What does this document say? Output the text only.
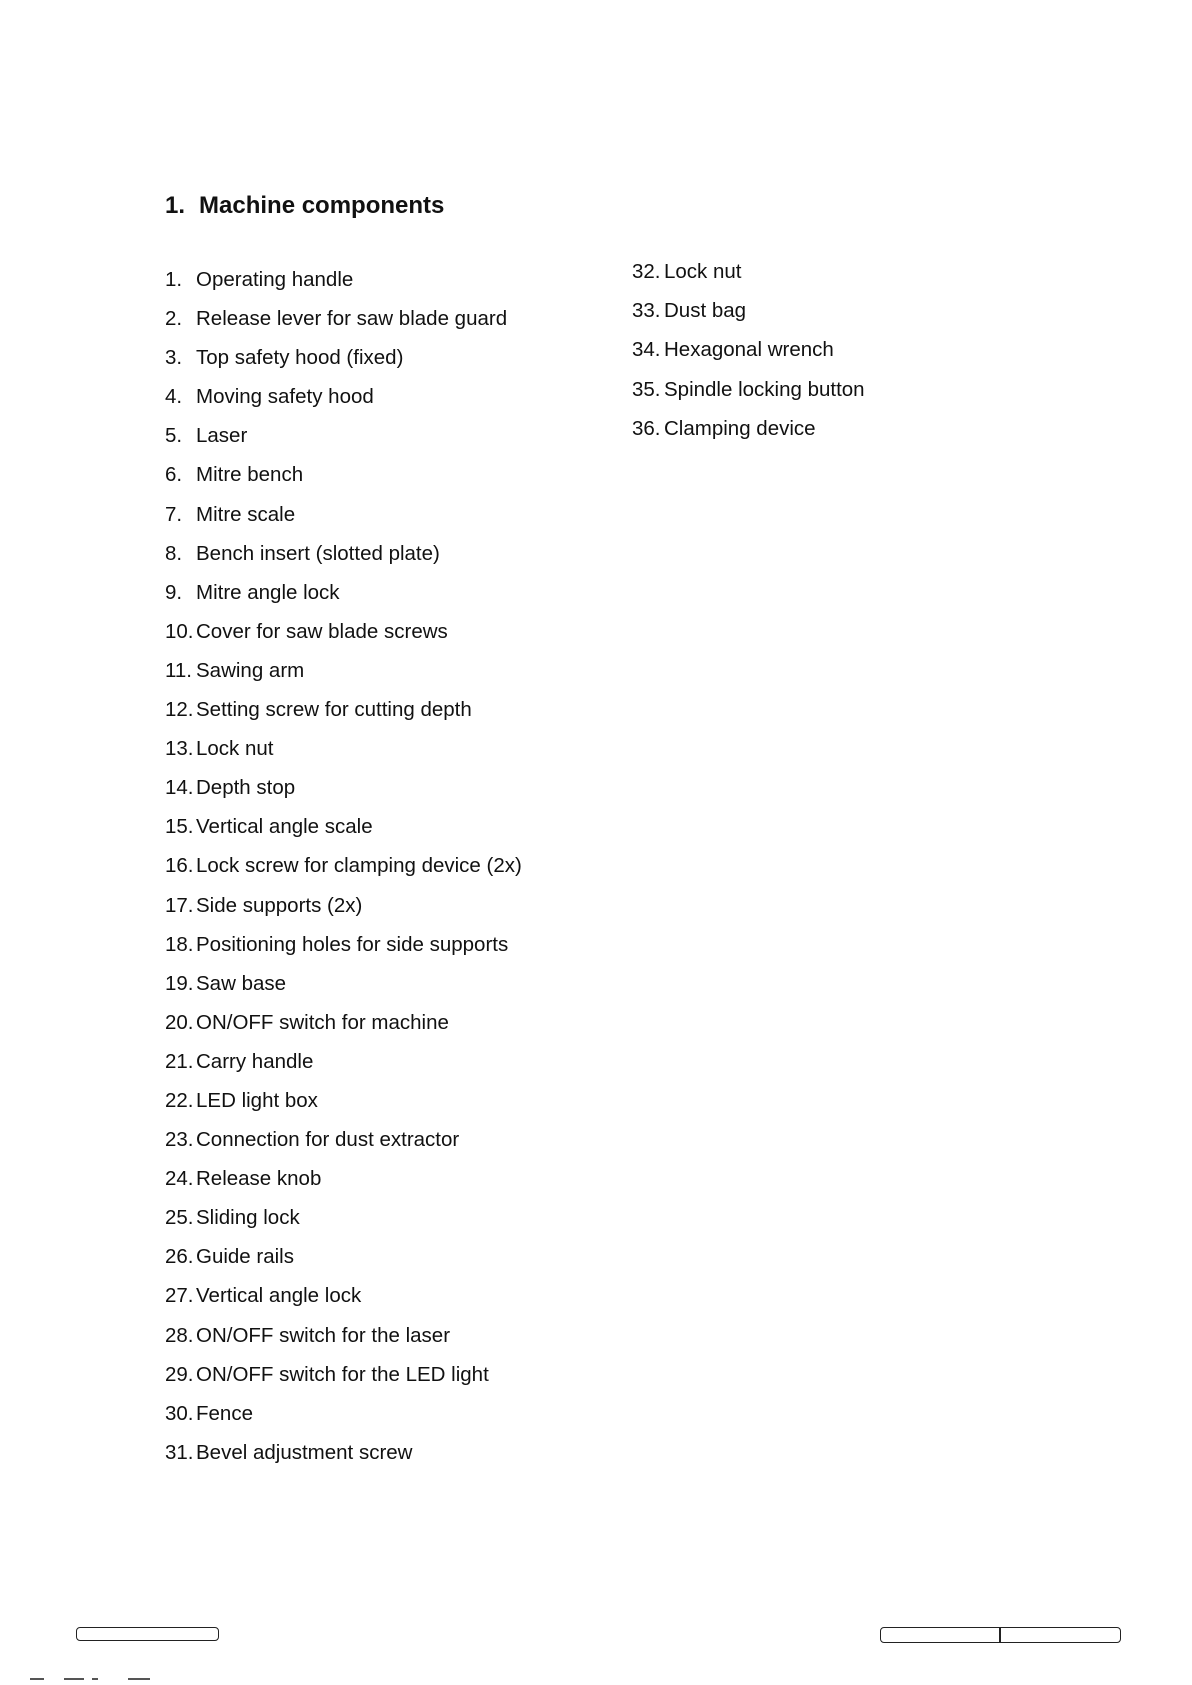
1. Machine components
1. Operating handle
2. Release lever for saw blade guard
3. Top safety hood (fixed)
4. Moving safety hood
5. Laser
6. Mitre bench
7. Mitre scale
8. Bench insert (slotted plate)
9. Mitre angle lock
10. Cover for saw blade screws
11. Sawing arm
12. Setting screw for cutting depth
13. Lock nut
14. Depth stop
15. Vertical angle scale
16. Lock screw for clamping device (2x)
17. Side supports (2x)
18. Positioning holes for side supports
19. Saw base
20. ON/OFF switch for machine
21. Carry handle
22. LED light box
23. Connection for dust extractor
24. Release knob
25. Sliding lock
26. Guide rails
27. Vertical angle lock
28. ON/OFF switch for the laser
29. ON/OFF switch for the LED light
30. Fence
31. Bevel adjustment screw
32. Lock nut
33. Dust bag
34. Hexagonal wrench
35. Spindle locking button
36. Clamping device
